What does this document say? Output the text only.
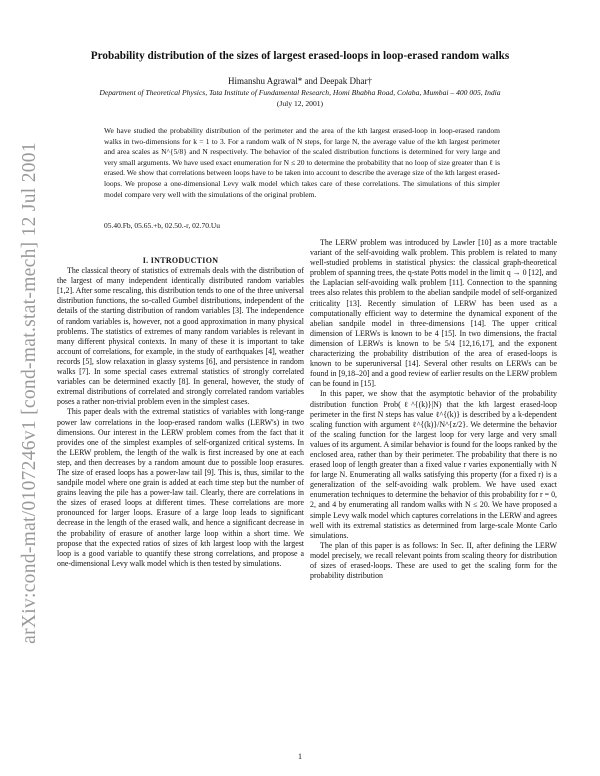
arXiv:cond-mat/0107246v1 [cond-mat.stat-mech] 12 Jul 2001
Probability distribution of the sizes of largest erased-loops in loop-erased random walks
Himanshu Agrawal* and Deepak Dhar†
Department of Theoretical Physics, Tata Institute of Fundamental Research, Homi Bhabha Road, Colaba, Mumbai – 400 005, India
(July 12, 2001)

We have studied the probability distribution of the perimeter and the area of the kth largest erased-loop in loop-erased random walks in two-dimensions for k = 1 to 3. For a random walk of N steps, for large N, the average value of the kth largest perimeter and area scales as N^{5/8} and N respectively. The behavior of the scaled distribution functions is determined for very large and very small arguments. We have used exact enumeration for N ≤ 20 to determine the probability that no loop of size greater than ℓ is erased. We show that correlations between loops have to be taken into account to describe the average size of the kth largest erased-loops. We propose a one-dimensional Levy walk model which takes care of these correlations. The simulations of this simpler model compare very well with the simulations of the original problem.

05.40.Fb, 05.65.+b, 02.50.-r, 02.70.Uu

I. INTRODUCTION

The classical theory of statistics of extremals deals with the distribution of the largest of many independent identically distributed random variables [1,2]. After some rescaling, this distribution tends to one of the three universal distribution functions, the so-called Gumbel distributions, independent of the details of the starting distribution of random variables [3]. The independence of random variables is, however, not a good approximation in many physical problems. The statistics of extremes of many random variables is relevant in many different physical contexts. In many of these it is important to take account of correlations, for example, in the study of earthquakes [4], weather records [5], slow relaxation in glassy systems [6], and persistence in random walks [7]. In some special cases extremal statistics of strongly correlated variables can be determined exactly [8]. In general, however, the study of extremal distributions of correlated and strongly correlated random variables poses a rather non-trivial problem even in the simplest cases.

This paper deals with the extremal statistics of variables with long-range power law correlations in the loop-erased random walks (LERW's) in two dimensions. Our interest in the LERW problem comes from the fact that it provides one of the simplest examples of self-organized critical systems. In the LERW problem, the length of the walk is first increased by one at each step, and then decreases by a random amount due to possible loop erasures. The size of erased loops has a power-law tail [9]. This is, thus, similar to the sandpile model where one grain is added at each time step but the number of grains leaving the pile has a power-law tail. Clearly, there are correlations in the sizes of erased loops at different times. These correlations are more pronounced for larger loops. Erasure of a large loop leads to significant decrease in the length of the erased walk, and hence a significant decrease in the probability of erasure of another large loop within a short time. We propose that the expected ratios of sizes of kth largest loop with the largest loop is a good variable to quantify these strong correlations, and propose a one-dimensional Levy walk model which is then tested by simulations.

The LERW problem was introduced by Lawler [10] as a more tractable variant of the self-avoiding walk problem. This problem is related to many well-studied problems in statistical physics: the classical graph-theoretical problem of spanning trees, the q-state Potts model in the limit q → 0 [12], and the Laplacian self-avoiding walk problem [11]. Connection to the spanning trees also relates this problem to the abelian sandpile model of self-organized criticality [13]. Recently simulation of LERW has been used as a computationally efficient way to determine the dynamical exponent of the abelian sandpile model in three-dimensions [14]. The upper critical dimension of LERWs is known to be 4 [15]. In two dimensions, the fractal dimension of LERWs is known to be 5/4 [12,16,17], and the exponent characterizing the probability distribution of the area of erased-loops is known to be superuniversal [14]. Several other results on LERWs can be found in [9,18–20] and a good review of earlier results on the LERW problem can be found in [15].

In this paper, we show that the asymptotic behavior of the probability distribution function Prob(ℓ^{(k)}|N) that the kth largest erased-loop perimeter in the first N steps has value ℓ^{(k)} is described by a k-dependent scaling function with argument ℓ^{(k)}/N^{z/2}. We determine the behavior of the scaling function for the largest loop for very large and very small values of its argument. A similar behavior is found for the loops ranked by the enclosed area, rather than by their perimeter. The probability that there is no erased loop of length greater than a fixed value r varies exponentially with N for large N. Enumerating all walks satisfying this property (for a fixed r) is a generalization of the self-avoiding walk problem. We have used exact enumeration techniques to determine the behavior of this probability for r = 0, 2, and 4 by enumerating all random walks with N ≤ 20. We have proposed a simple Levy walk model which captures correlations in the LERW and agrees well with its extremal statistics as determined from large-scale Monte Carlo simulations.

The plan of this paper is as follows: In Sec. II, after defining the LERW model precisely, we recall relevant points from scaling theory for distribution of sizes of erased-loops. These are used to get the scaling form for the probability distribution

1
